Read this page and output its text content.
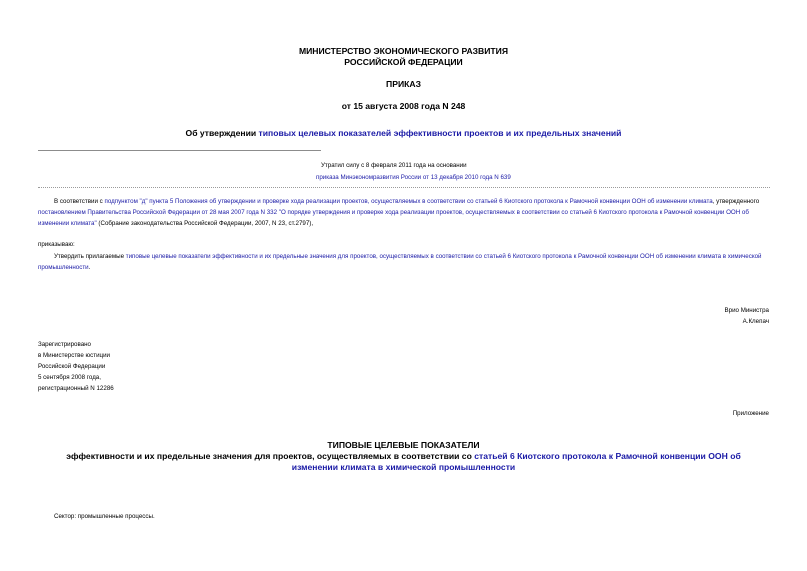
МИНИСТЕРСТВО ЭКОНОМИЧЕСКОГО РАЗВИТИЯ
РОССИЙСКОЙ ФЕДЕРАЦИИ
ПРИКАЗ
от 15 августа 2008 года N 248
Об утверждении типовых целевых показателей эффективности проектов и их предельных значений
Утратил силу с 8 февраля 2011 года на основании
приказа Минэкономразвития России от 13 декабря 2010 года N 639
В соответствии с подпунктом "д" пункта 5 Положения об утверждении и проверке хода реализации проектов, осуществляемых в соответствии со статьей 6 Киотского протокола к Рамочной конвенции ООН об изменении климата, утвержденного постановлением Правительства Российской Федерации от 28 мая 2007 года N 332 "О порядке утверждения и проверке хода реализации проектов, осуществляемых в соответствии со статьей 6 Киотского протокола к Рамочной конвенции ООН об изменении климата" (Собрание законодательства Российской Федерации, 2007, N 23, ст.2797),
приказываю:
Утвердить прилагаемые типовые целевые показатели эффективности и их предельные значения для проектов, осуществляемых в соответствии со статьей 6 Киотского протокола к Рамочной конвенции ООН об изменении климата в химической промышленности.
Врио Министра
А.Клепач
Зарегистрировано
в Министерстве юстиции
Российской Федерации
5 сентября 2008 года,
регистрационный N 12286
Приложение
ТИПОВЫЕ ЦЕЛЕВЫЕ ПОКАЗАТЕЛИ
эффективности и их предельные значения для проектов, осуществляемых в соответствии со статьей 6 Киотского протокола к Рамочной конвенции ООН об изменении климата в химической промышленности
Сектор: промышленные процессы.
